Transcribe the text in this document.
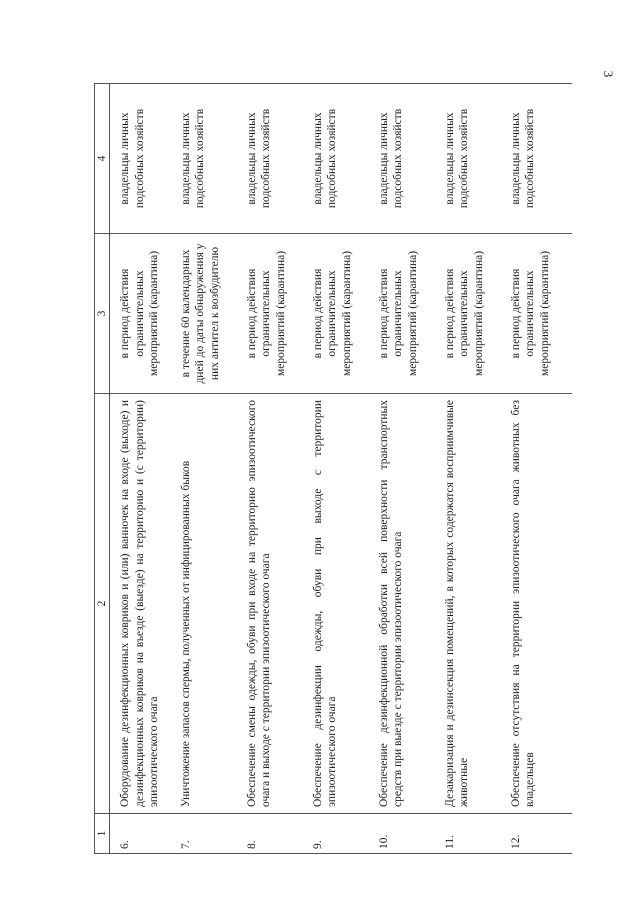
3
1	2	3	4
6.	Оборудование дезинфекционных ковриков и (или) ванночек на входе (выходе) и дезинфекционных ковриков на въезде (выезде) на территорию и (с территории) эпизоотического очага	в период действия ограничительных мероприятий (карантина)	владельцы личных подсобных хозяйств
7.	Уничтожение запасов спермы, полученных от инфицированных быков	в течение 60 календарных дней до даты обнаружения у них антител к возбудителю	владельцы личных подсобных хозяйств
8.	Обеспечение смены одежды, обуви при входе на территорию эпизоотического очага и выходе с территории эпизоотического очага	в период действия ограничительных мероприятий (карантина)	владельцы личных подсобных хозяйств
9.	Обеспечение дезинфекции одежды, обуви при выходе с территории эпизоотического очага	в период действия ограничительных мероприятий (карантина)	владельцы личных подсобных хозяйств
10.	Обеспечение дезинфекционной обработки всей поверхности транспортных средств при выезде с территории эпизоотического очага	в период действия ограничительных мероприятий (карантина)	владельцы личных подсобных хозяйств
11.	Дезакаризация и дезинсекция помещений, в которых содержатся восприимчивые животные	в период действия ограничительных мероприятий (карантина)	владельцы личных подсобных хозяйств
12.	Обеспечение отсутствия на территории эпизоотического очага животных без владельцев	в период действия ограничительных мероприятий (карантина)	владельцы личных подсобных хозяйств
